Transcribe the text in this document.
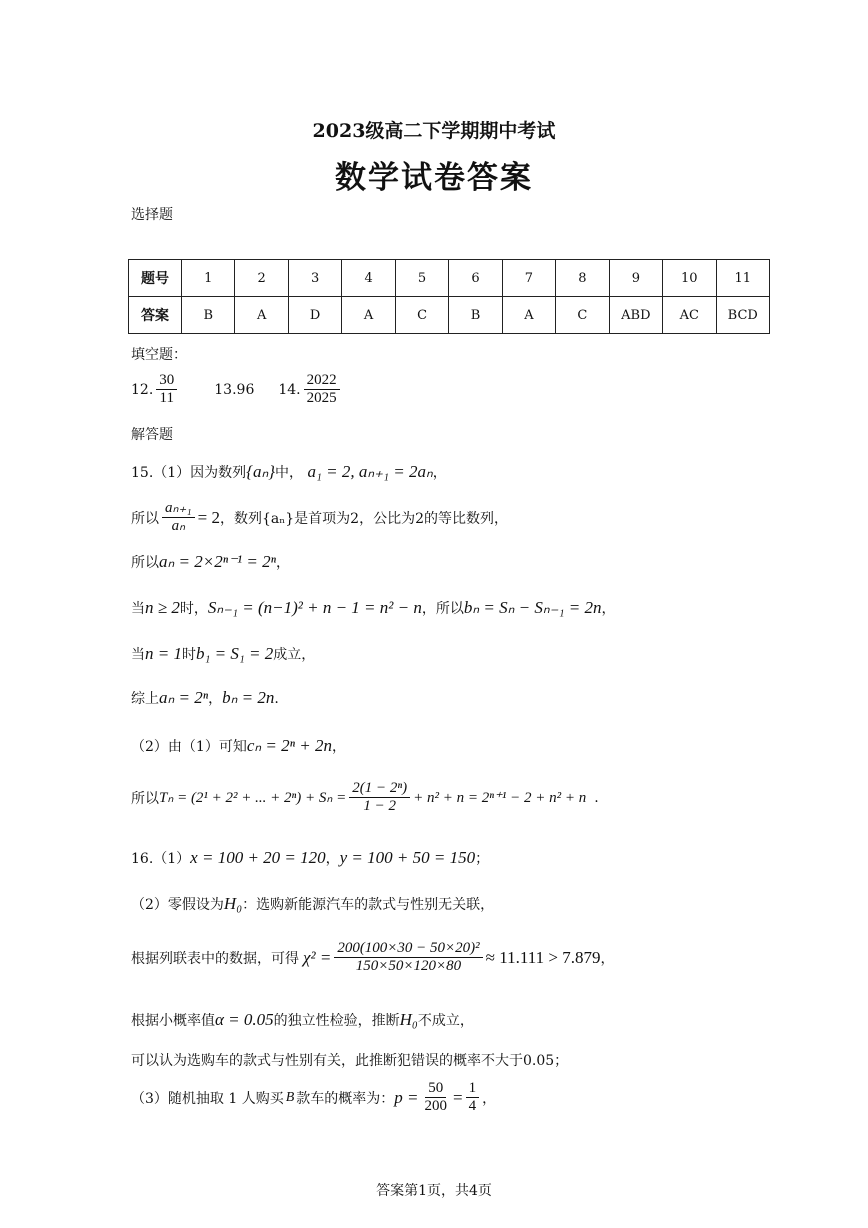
2023级高二下学期期中考试
数学试卷答案
选择题
题号	1	2	3	4	5	6	7	8	9	10	11
答案	B	A	D	A	C	B	A	C	ABD	AC	BCD
填空题：
12. $\frac{30}{11}$	13.96 14. $\frac{2022}{2025}$
解答题
15.（1）因为数列{aₙ}中， a₁ = 2, aₙ₊₁ = 2aₙ，
所以 $\frac{\text{aₙ₊₁}}{\text{aₙ}} = 2$ ，数列{aₙ}是首项为2，公比为2的等比数列，
所以aₙ = 2×2ⁿ⁻¹ = 2ⁿ，
当n ≥ 2时，Sₙ₋₁ = (n−1)² + n − 1 = n² − n，所以bₙ = Sₙ − Sₙ₋₁ = 2n，
当n = 1时b₁ = S₁ = 2成立，
综上aₙ = 2ⁿ，bₙ = 2n.
（2）由（1）可知cₙ = 2ⁿ + 2n，
所以 Tₙ = (2¹ + 2² + ... + $2^n) + S_n = \frac{\text{2(1 − 2ⁿ)}}{1 - 2} + n^2 + n = 2^{n+1} - 2 + n^2 + n$ .
16.（1）x = 100 + 20 = 120，y = 100 + 50 = 150；
（2）零假设为H₀：选购新能源汽车的款式与性别无关联，
根据列联表中的数据，可得 $\chi^2 = \frac{\text{200(100×30 − 50×20)²}}{150\times 50\times 120\times 80} \approx 11.111 > 7.879$ ，
根据小概率值α = 0.05的独立性检验，推断H₀不成立，
可以认为选购车的款式与性别有关，此推断犯错误的概率不大于0.05；
（3）随机抽取 1 人购买 B 款车的概率为： $p = \frac{50}{200} = \frac{1}{4}$ ，
答案第1页，共4页
